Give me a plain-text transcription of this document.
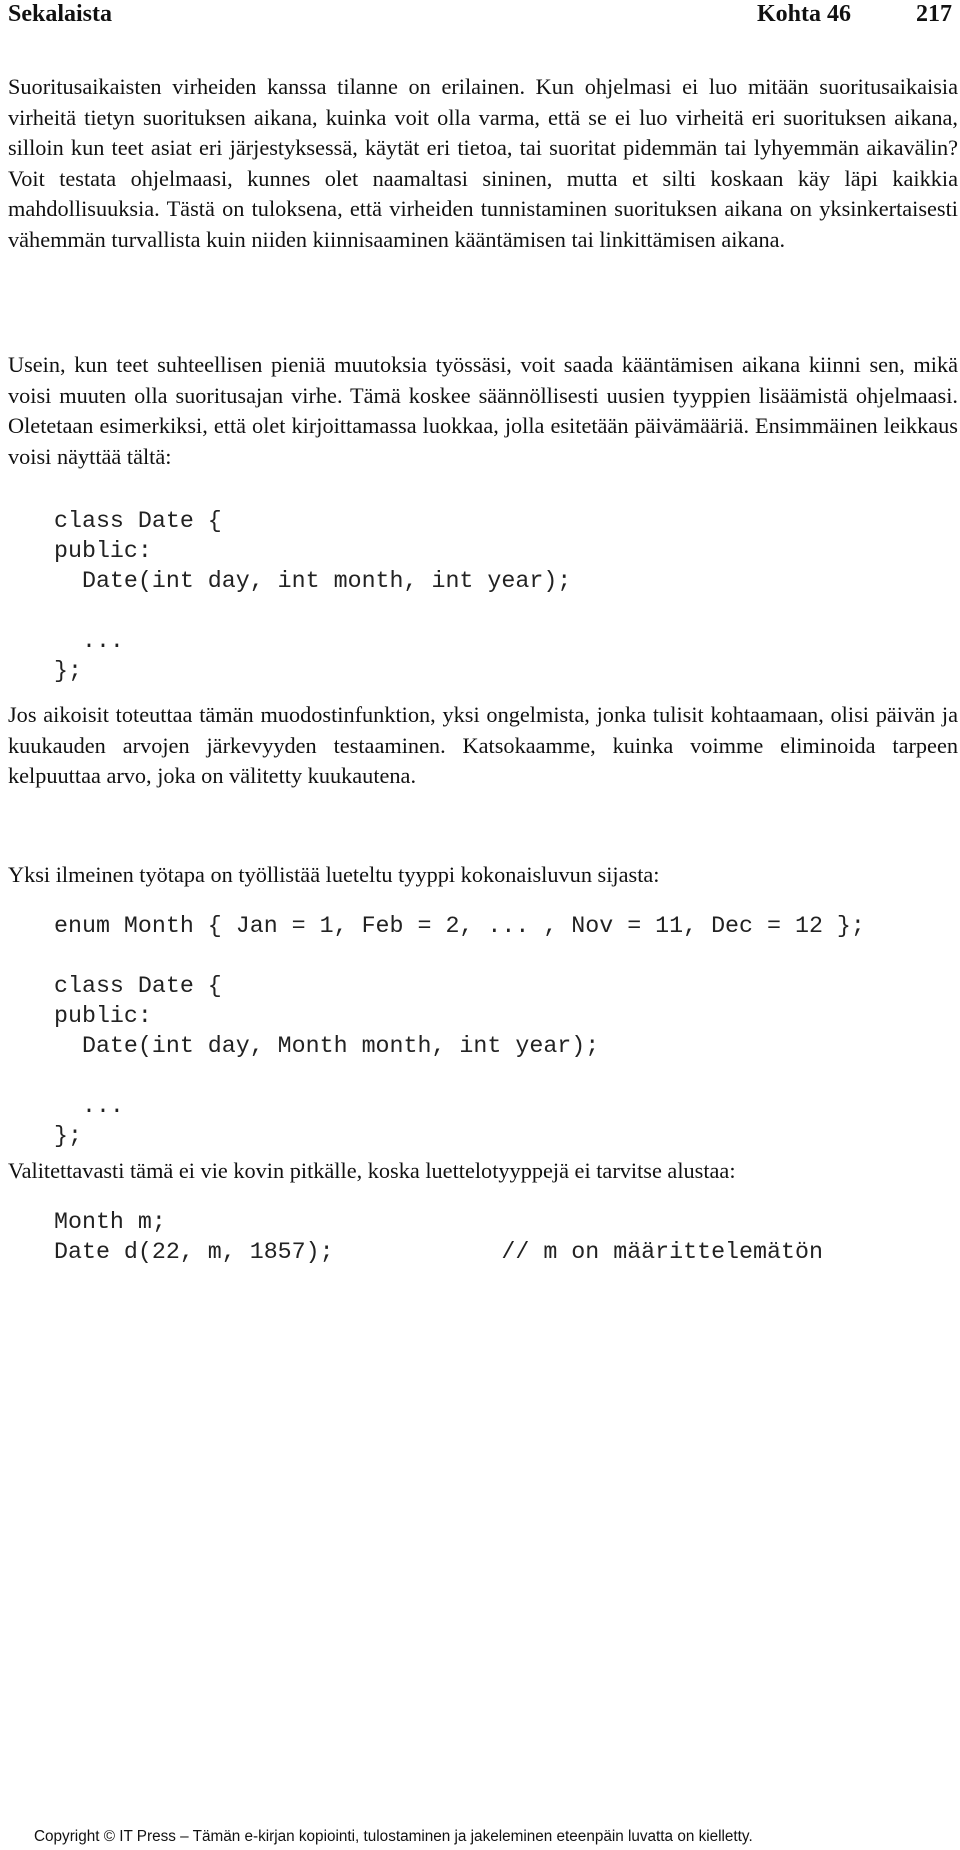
Sekalaista	Kohta 46	217

Suoritusaikaisten virheiden kanssa tilanne on erilainen. Kun ohjelmasi ei luo mitään suoritusaikaisia virheitä tietyn suorituksen aikana, kuinka voit olla varma, että se ei luo virheitä eri suorituksen aikana, silloin kun teet asiat eri järjestyksessä, käytät eri tietoa, tai suoritat pidemmän tai lyhyemmän aikavälin? Voit testata ohjelmaasi, kunnes olet naamaltasi sininen, mutta et silti koskaan käy läpi kaikkia mahdollisuuksia. Tästä on tuloksena, että virheiden tunnistaminen suorituksen aikana on yksinkertaisesti vähemmän turvallista kuin niiden kiinnisaaminen kääntämisen tai linkittämisen aikana.

Usein, kun teet suhteellisen pieniä muutoksia työssäsi, voit saada kääntämisen aikana kiinni sen, mikä voisi muuten olla suoritusajan virhe. Tämä koskee säännöllisesti uusien tyyppien lisäämistä ohjelmaasi. Oletetaan esimerkiksi, että olet kirjoittamassa luokkaa, jolla esitetään päivämääriä. Ensimmäinen leikkaus voisi näyttää tältä:

class Date {
public:
Date(int day, int month, int year);

...
};

Jos aikoisit toteuttaa tämän muodostinfunktion, yksi ongelmista, jonka tulisit kohtaamaan, olisi päivän ja kuukauden arvojen järkevyyden testaaminen. Katsokaamme, kuinka voimme eliminoida tarpeen kelpuuttaa arvo, joka on välitetty kuukautena.

Yksi ilmeinen työtapa on työllistää lueteltu tyyppi kokonaisluvun sijasta:

enum Month { Jan = 1, Feb = 2, ... , Nov = 11, Dec = 12 };

class Date {
public:
Date(int day, Month month, int year);

...
};

Valitettavasti tämä ei vie kovin pitkälle, koska luettelotyyppejä ei tarvitse alustaa:

Month m;
Date d(22, m, 1857);            // m on määrittelemätön
Copyright © IT Press – Tämän e-kirjan kopiointi, tulostaminen ja jakeleminen eteenpäin luvatta on kielletty.
